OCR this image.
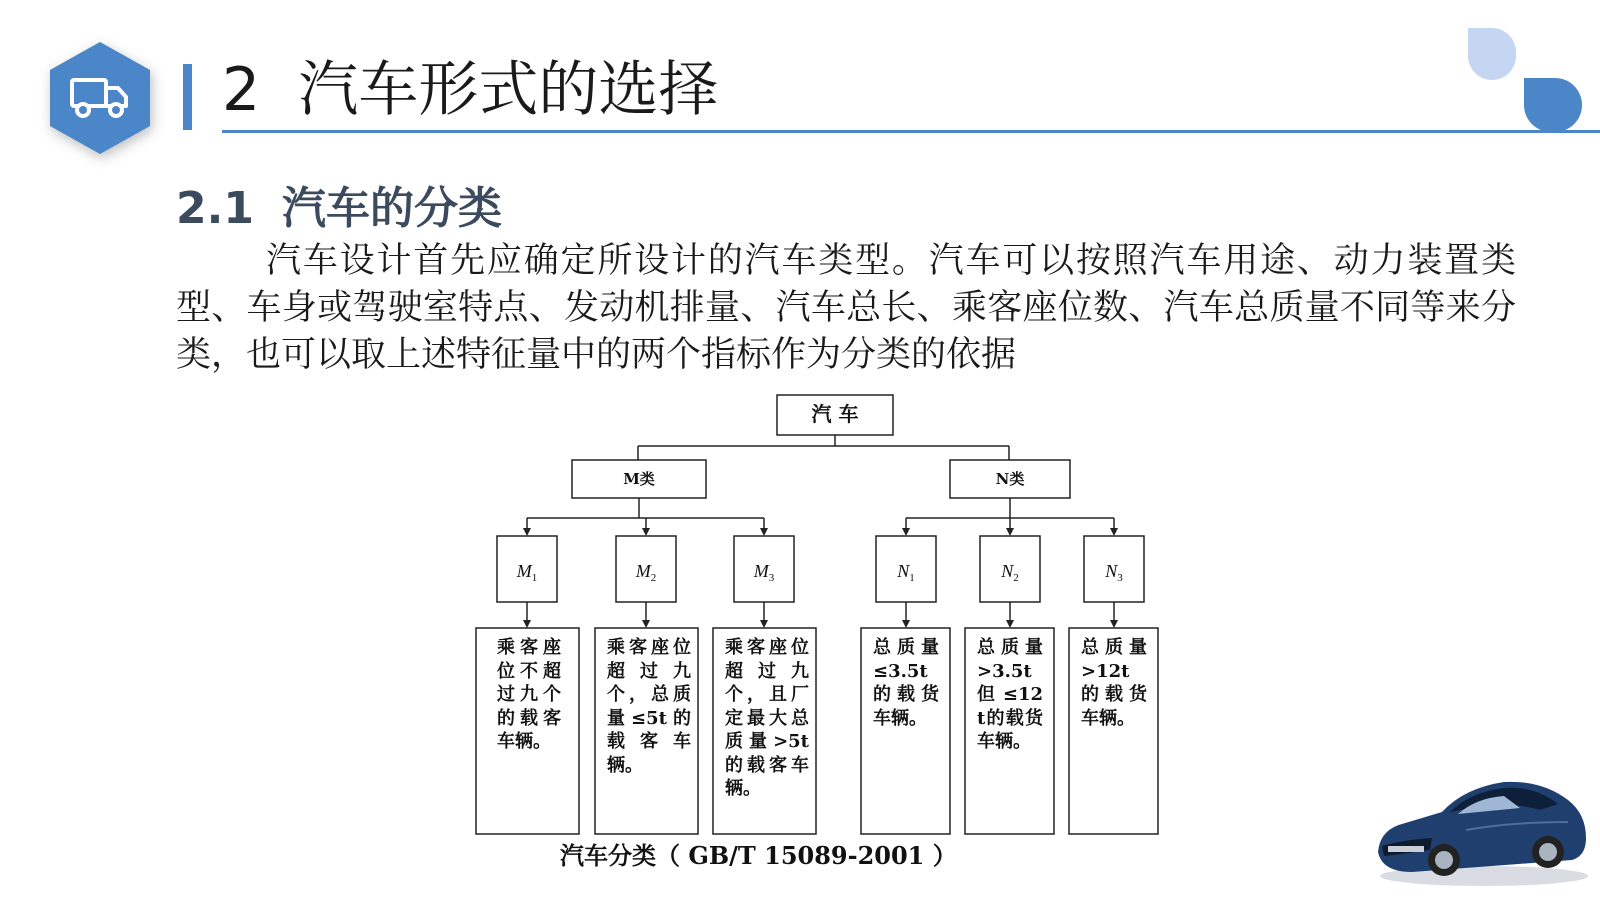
2  汽车形式的选择
2.1 汽车的分类
汽车设计首先应确定所设计的汽车类型。汽车可以按照汽车用途、动力装置类型、车身或驾驶室特点、发动机排量、汽车总长、乘客座位数、汽车总质量不同等来分类，也可以取上述特征量中的两个指标作为分类的依据
汽 车
M类	N类
$M_1$	$M_2$	$M_3$	$N_1$	$N_2$	$N_3$
乘客座位不超过九个的载客车辆。
乘客座位超过九个，总质量≤5t的载客车辆。
乘客座位超过九个，且厂定最大总质量>5t的载客车辆。
总质量≤3.5t的载货车辆。
总质量>3.5t但≤12t的载货车辆。
总质量>12t的载货车辆。
汽车分类（ GB/T 15089-2001 ）
